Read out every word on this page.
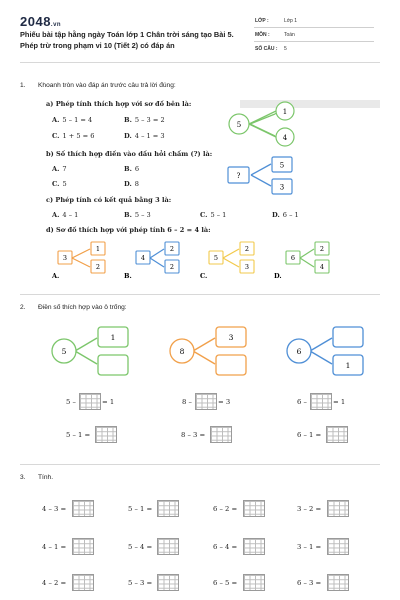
2048.vn
Phiếu bài tập hằng ngày Toán lớp 1 Chân trời sáng tạo Bài 5. Phép trừ trong phạm vi 10 (Tiết 2) có đáp án
LỚP :	Lớp 1
MÔN :	Toán
SỐ CÂU : 5
1. Khoanh tròn vào đáp án trước câu trả lời đúng:
a) Phép tính thích hợp với sơ đồ bên là:
A. 5 – 1 = 4	B. 5 – 3 = 2
C. 1 + 5 = 6	D. 4 – 1 = 3
5
1
4
b) Số thích hợp điền vào dấu hỏi chấm (?) là:
A. 7	B. 6
C. 5	D. 8
?
5
3
c) Phép tính có kết quả bằng 3 là:
A. 4 – 1	B. 5 – 3	C. 5 – 1	D. 6 – 1
d) Sơ đồ thích hợp với phép tính 6 – 2 = 4 là:
3
1
2
A.
4
2
2
B.
5
2
3
C.
6
2
4
D.
2. Điền số thích hợp vào ô trống:
5
1
8
3
6
1
5 –	= 1	8 –	= 3	6 –	= 1
5 – 1 =	8 – 3 =	6 – 1 =
3. Tính.
4 – 3 =	5 – 1 =	6 – 2 =	3 – 2 =
4 – 1 =	5 – 4 =	6 – 4 =	3 – 1 =
4 – 2 =	5 – 3 =	6 – 5 =	6 – 3 =
